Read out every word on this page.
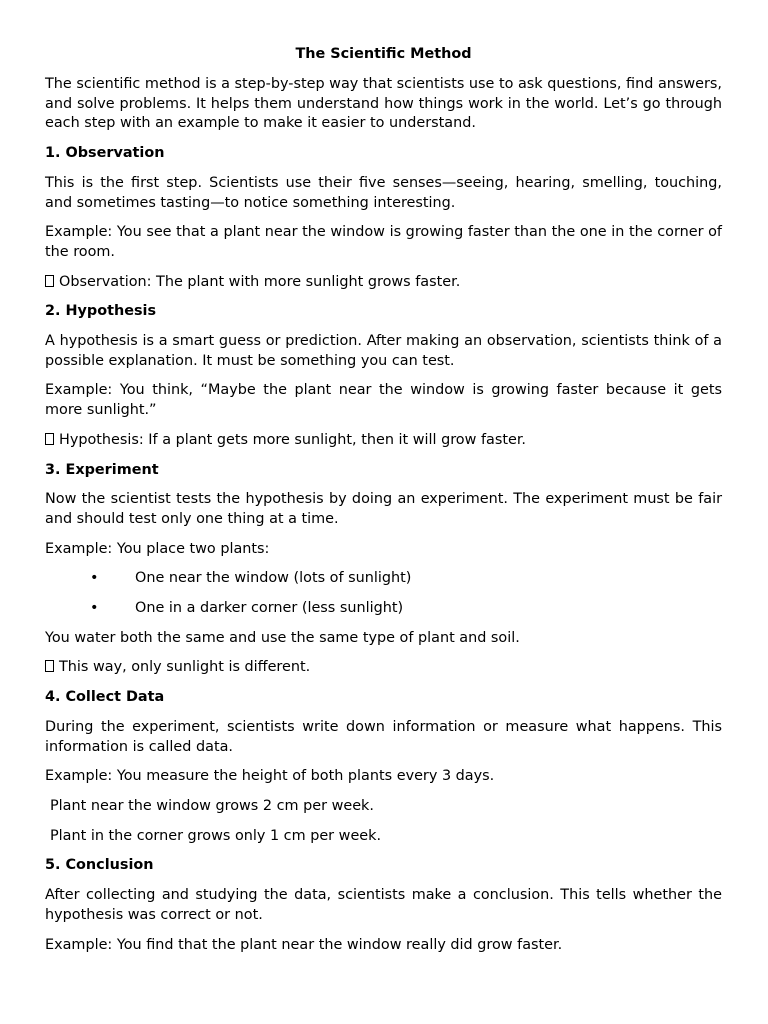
The Scientific Method

The scientific method is a step-by-step way that scientists use to ask questions, find answers, and solve problems. It helps them understand how things work in the world. Let’s go through each step with an example to make it easier to understand.

1. Observation

This is the first step. Scientists use their five senses—seeing, hearing, smelling, touching, and sometimes tasting—to notice something interesting.

Example: You see that a plant near the window is growing faster than the one in the corner of the room.

Observation: The plant with more sunlight grows faster.
2. Hypothesis

A hypothesis is a smart guess or prediction. After making an observation, scientists think of a possible explanation. It must be something you can test.

Example: You think, “Maybe the plant near the window is growing faster because it gets more sunlight.”

Hypothesis: If a plant gets more sunlight, then it will grow faster.
3. Experiment

Now the scientist tests the hypothesis by doing an experiment. The experiment must be fair and should test only one thing at a time.

Example: You place two plants:

•	One near the window (lots of sunlight)
•	One in a darker corner (less sunlight)

You water both the same and use the same type of plant and soil.

This way, only sunlight is different.
4. Collect Data

During the experiment, scientists write down information or measure what happens. This information is called data.

Example: You measure the height of both plants every 3 days.

Plant near the window grows 2 cm per week.
Plant in the corner grows only 1 cm per week.
5. Conclusion

After collecting and studying the data, scientists make a conclusion. This tells whether the hypothesis was correct or not.

Example: You find that the plant near the window really did grow faster.
